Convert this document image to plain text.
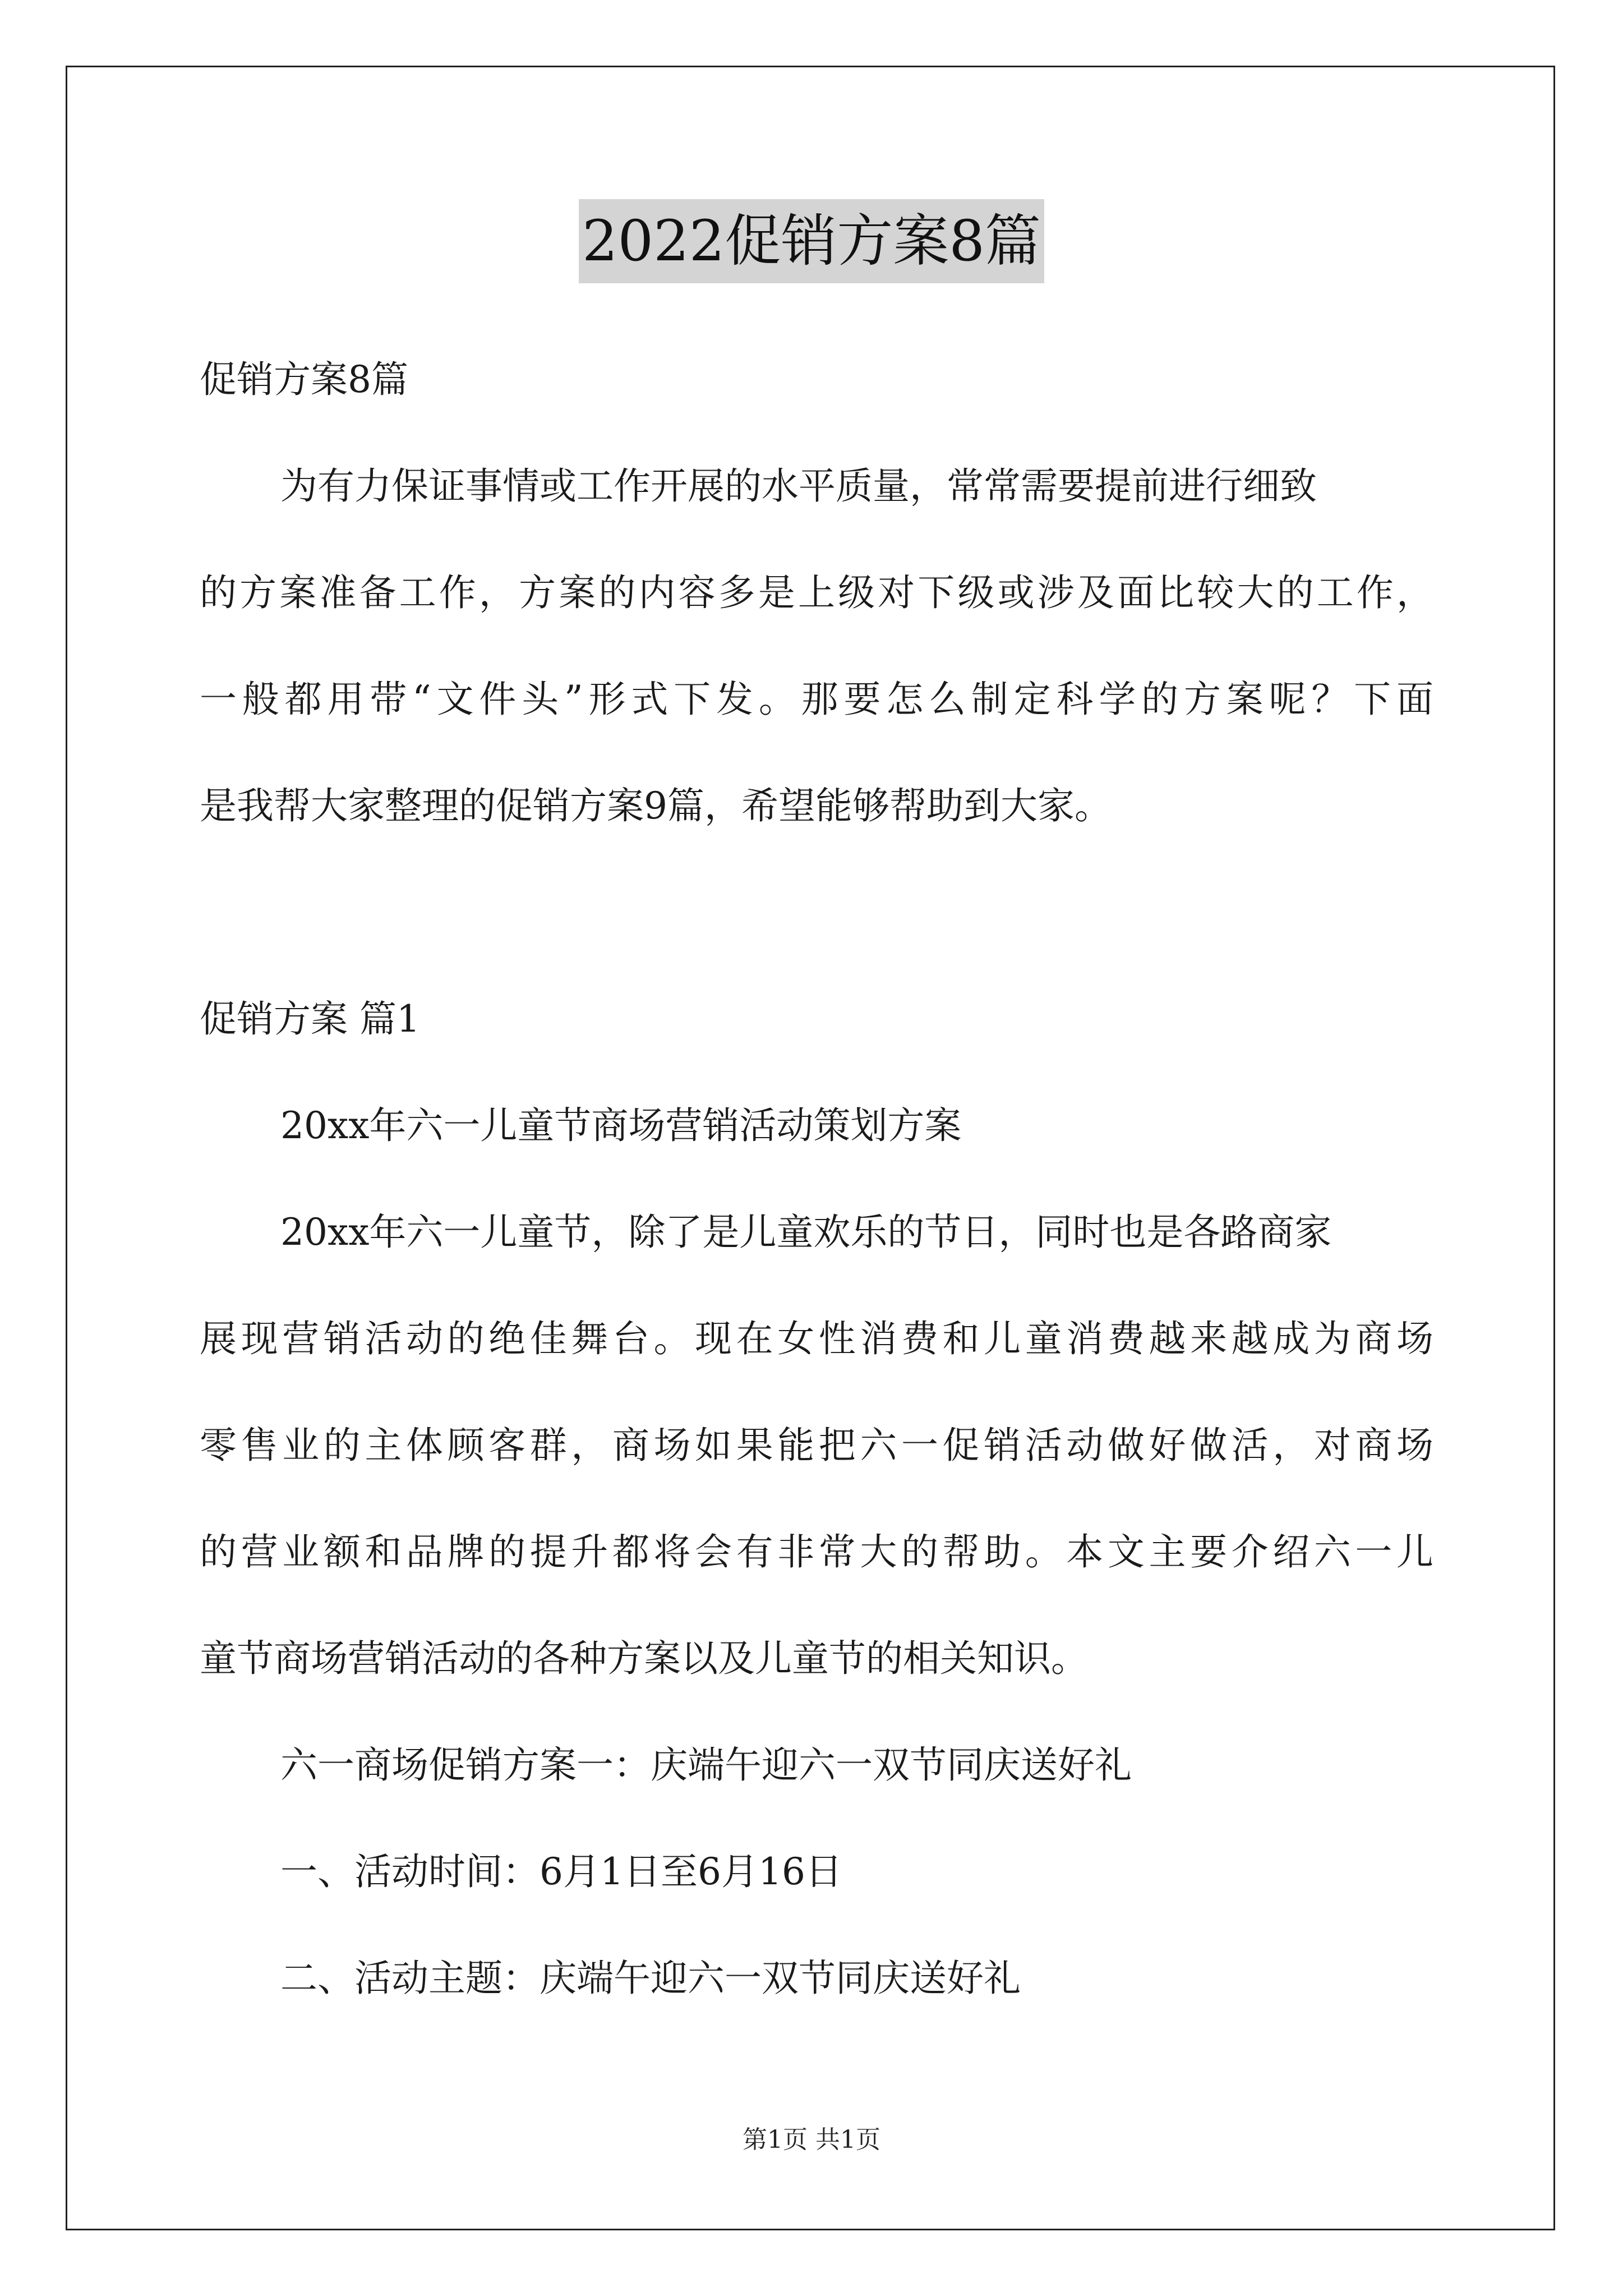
2022促销方案8篇
促销方案8篇
为有力保证事情或工作开展的水平质量，常常需要提前进行细致
的方案准备工作，方案的内容多是上级对下级或涉及面比较大的工作，
一般都用带“文件头”形式下发。那要怎么制定科学的方案呢？下面
是我帮大家整理的促销方案9篇，希望能够帮助到大家。
促销方案 篇1
20xx年六一儿童节商场营销活动策划方案
20xx年六一儿童节，除了是儿童欢乐的节日，同时也是各路商家
展现营销活动的绝佳舞台。现在女性消费和儿童消费越来越成为商场
零售业的主体顾客群，商场如果能把六一促销活动做好做活，对商场
的营业额和品牌的提升都将会有非常大的帮助。本文主要介绍六一儿
童节商场营销活动的各种方案以及儿童节的相关知识。
六一商场促销方案一：庆端午迎六一双节同庆送好礼
一、活动时间：6月1日至6月16日
二、活动主题：庆端午迎六一双节同庆送好礼
第1页 共1页
